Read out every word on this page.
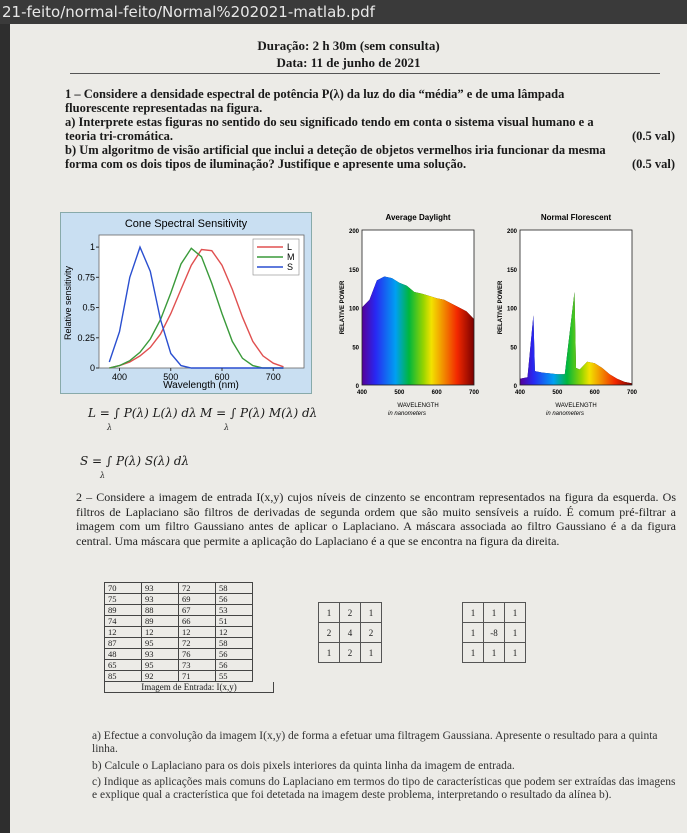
21-feito/normal-feito/Normal%202021-matlab.pdf
Duração: 2 h 30m (sem consulta)
Data: 11 de junho de 2021
1 – Considere a densidade espectral de potência P(λ) da luz do dia “média” e de uma lâmpada
fluorescente representadas na figura.
a) Interprete estas figuras no sentido do seu significado tendo em conta o sistema visual humano e a
teoria tri-cromática.	(0.5 val)
b) Um algoritmo de visão artificial que inclui a deteção de objetos vermelhos iria funcionar da mesma
forma com os dois tipos de iluminação? Justifique e apresente uma solução.	(0.5 val)
Cone Spectral Sensitivity
0
0.25
0.5
0.75
1
400	500	600	700
L
M
S
Wavelength (nm)
Relative sensitivity
Average Daylight
0
50
100
150
200
400	500	600	700
RELATIVE POWER
WAVELENGTH
in nanometers
Normal Florescent
0
50
100
150
200
400	500	600	700
RELATIVE POWER
WAVELENGTH
in nanometers
L = ∫ P(λ) L(λ) dλ M = ∫ P(λ) M(λ) dλ
S = ∫ P(λ) S(λ) dλ
λ	λ
λ
2 – Considere a imagem de entrada I(x,y) cujos níveis de cinzento se encontram representados na figura da esquerda. Os filtros de Laplaciano são filtros de derivadas de segunda ordem que são muito sensíveis a ruído. É comum pré-filtrar a imagem com um filtro Gaussiano antes de aplicar o Laplaciano. A máscara associada ao filtro Gaussiano é a da figura central. Uma máscara que permite a aplicação do Laplaciano é a que se encontra na figura da direita.
70	93	72	58
75	93	69	56
89	88	67	53
74	89	66	51
12	12	12	12
87	95	72	58
48	93	76	56
65	95	73	56
85	92	71	55
Imagem de Entrada: I(x,y)
1	2	1
2	4	2
1	2	1
1	1	1
1	-8	1
1	1	1
a) Efectue a convolução da imagem I(x,y) de forma a efetuar uma filtragem Gaussiana. Apresente o resultado para a quinta linha.
b) Calcule o Laplaciano para os dois pixels interiores da quinta linha da imagem de entrada.
c) Indique as aplicações mais comuns do Laplaciano em termos do tipo de características que podem ser extraídas das imagens e explique qual a cracterística que foi detetada na imagem deste problema, interpretando o resultado da alínea b).
